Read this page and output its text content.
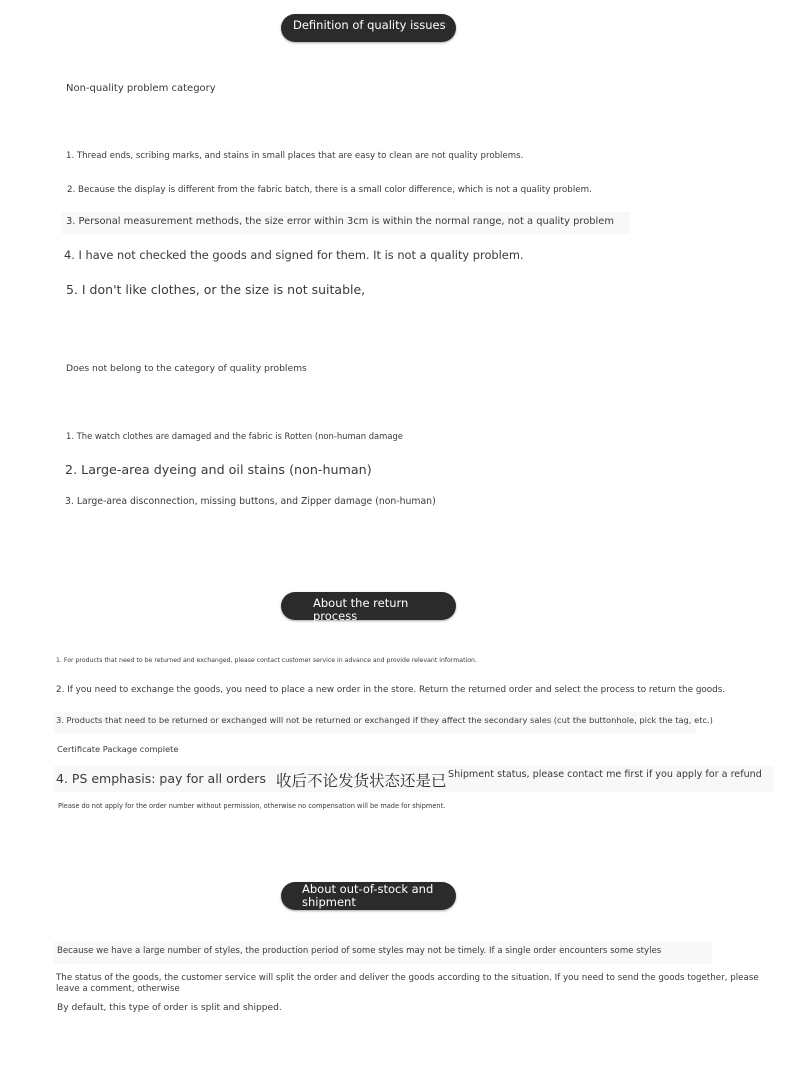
Definition of quality issues
Non-quality problem category
1. Thread ends, scribing marks, and stains in small places that are easy to clean are not quality problems.
2. Because the display is different from the fabric batch, there is a small color difference, which is not a quality problem.
3. Personal measurement methods, the size error within 3cm is within the normal range, not a quality problem
4. I have not checked the goods and signed for them. It is not a quality problem.
5. I don't like clothes, or the size is not suitable,
Does not belong to the category of quality problems
1. The watch clothes are damaged and the fabric is Rotten (non-human damage
2. Large-area dyeing and oil stains (non-human)
3. Large-area disconnection, missing buttons, and Zipper damage (non-human)
About the return process
1. For products that need to be returned and exchanged, please contact customer service in advance and provide relevant information.
2. If you need to exchange the goods, you need to place a new order in the store. Return the returned order and select the process to return the goods.
3. Products that need to be returned or exchanged will not be returned or exchanged if they affect the secondary sales (cut the buttonhole, pick the tag, etc.)
Certificate Package complete
4. PS emphasis: pay for all orders 收后不论发货状态还是已 Shipment status, please contact me first if you apply for a refund
Please do not apply for the order number without permission, otherwise no compensation will be made for shipment.
About out-of-stock and shipment
Because we have a large number of styles, the production period of some styles may not be timely. If a single order encounters some styles
The status of the goods, the customer service will split the order and deliver the goods according to the situation. If you need to send the goods together, please leave a comment, otherwise
By default, this type of order is split and shipped.
